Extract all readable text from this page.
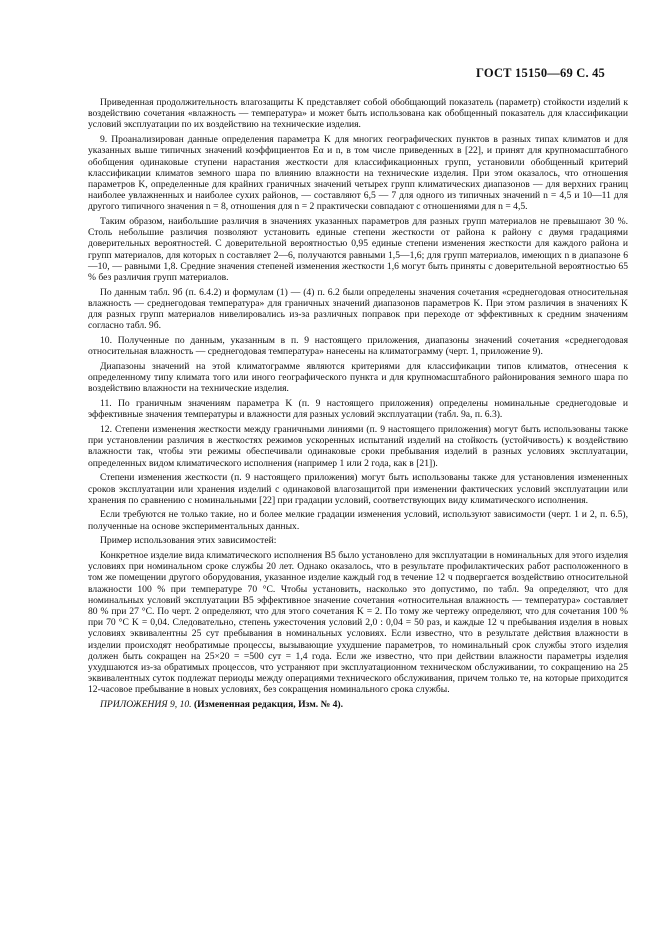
ГОСТ 15150—69 С. 45

Приведенная продолжительность влагозащиты K представляет собой обобщающий показатель (параметр) стойкости изделий к воздействию сочетания «влажность — температура» и может быть использована как обобщенный показатель для классификации условий эксплуатации по их воздействию на технические изделия.

9. Проанализирован данные определения параметра K для многих географических пунктов в разных типах климатов и для указанных выше типичных значений коэффициентов Eα и n, в том числе приведенных в [22], и принят для крупномасштабного обобщения одинаковые ступени нарастания жесткости для классификационных групп, установили обобщенный критерий классификации климатов земного шара по влиянию влажности на технические изделия. При этом оказалось, что отношения параметров K, определенные для крайних граничных значений четырех групп климатических диапазонов — для верхних границ наиболее увлажненных и наиболее сухих районов, — составляют 6,5 — 7 для одного из типичных значений n = 4,5 и 10—11 для другого типичного значения n = 8, отношения для n = 2 практически совпадают с отношениями для n = 4,5.

Таким образом, наибольшие различия в значениях указанных параметров для разных групп материалов не превышают 30 %. Столь небольшие различия позволяют установить единые степени жесткости от района к району с двумя градациями доверительных вероятностей. С доверительной вероятностью 0,95 единые степени изменения жесткости для каждого района и групп материалов, для которых n составляет 2—6, получаются равными 1,5—1,6; для групп материалов, имеющих n в диапазоне 6—10, — равными 1,8. Средние значения степеней изменения жесткости 1,6 могут быть приняты с доверительной вероятностью 65 % без различия групп материалов.

По данным табл. 9б (п. 6.4.2) и формулам (1) — (4) п. 6.2 были определены значения сочетания «среднегодовая относительная влажность — среднегодовая температура» для граничных значений диапазонов параметров K. При этом различия в значениях K для разных групп материалов нивелировались из-за различных поправок при переходе от эффективных к средним значениям согласно табл. 9б.

10. Полученные по данным, указанным в п. 9 настоящего приложения, диапазоны значений сочетания «среднегодовая относительная влажность — среднегодовая температура» нанесены на климатограмму (черт. 1, приложение 9).

Диапазоны значений на этой климатограмме являются критериями для классификации типов климатов, отнесения к определенному типу климата того или иного географического пункта и для крупномасштабного районирования земного шара по воздействию влажности на технические изделия.

11. По граничным значениям параметра K (п. 9 настоящего приложения) определены номинальные среднегодовые и эффективные значения температуры и влажности для разных условий эксплуатации (табл. 9а, п. 6.3).

12. Степени изменения жесткости между граничными линиями (п. 9 настоящего приложения) могут быть использованы также при установлении различия в жесткостях режимов ускоренных испытаний изделий на стойкость (устойчивость) к воздействию влажности так, чтобы эти режимы обеспечивали одинаковые сроки пребывания изделий в разных условиях эксплуатации, определенных видом климатического исполнения (например 1 или 2 года, как в [21]).

Степени изменения жесткости (п. 9 настоящего приложения) могут быть использованы также для установления измененных сроков эксплуатации или хранения изделий с одинаковой влагозащитой при изменении фактических условий эксплуатации или хранения по сравнению с номинальными [22] при градации условий, соответствующих виду климатического исполнения.

Если требуются не только такие, но и более мелкие градации изменения условий, используют зависимости (черт. 1 и 2, п. 6.5), полученные на основе экспериментальных данных.

Пример использования этих зависимостей:

Конкретное изделие вида климатического исполнения В5 было установлено для эксплуатации в номинальных для этого изделия условиях при номинальном сроке службы 20 лет. Однако оказалось, что в результате профилактических работ расположенного в том же помещении другого оборудования, указанное изделие каждый год в течение 12 ч подвергается воздействию относительной влажности 100 % при температуре 70 °С. Чтобы установить, насколько это допустимо, по табл. 9а определяют, что для номинальных условий эксплуатации В5 эффективное значение сочетания «относительная влажность — температура» составляет 80 % при 27 °С. По черт. 2 определяют, что для этого сочетания K = 2. По тому же чертежу определяют, что для сочетания 100 % при 70 °С K = 0,04. Следовательно, степень ужесточения условий 2,0 : 0,04 = 50 раз, и каждые 12 ч пребывания изделия в новых условиях эквивалентны 25 сут пребывания в номинальных условиях. Если известно, что в результате действия влажности в изделии происходят необратимые процессы, вызывающие ухудшение параметров, то номинальный срок службы этого изделия должен быть сокращен на 25×20 = =500 сут = 1,4 года. Если же известно, что при действии влажности параметры изделия ухудшаются из-за обратимых процессов, что устраняют при эксплуатационном техническом обслуживании, то сокращению на 25 эквивалентных суток подлежат периоды между операциями технического обслуживания, причем только те, на которые приходится 12-часовое пребывание в новых условиях, без сокращения номинального срока службы.

ПРИЛОЖЕНИЯ 9, 10. (Измененная редакция, Изм. № 4).
